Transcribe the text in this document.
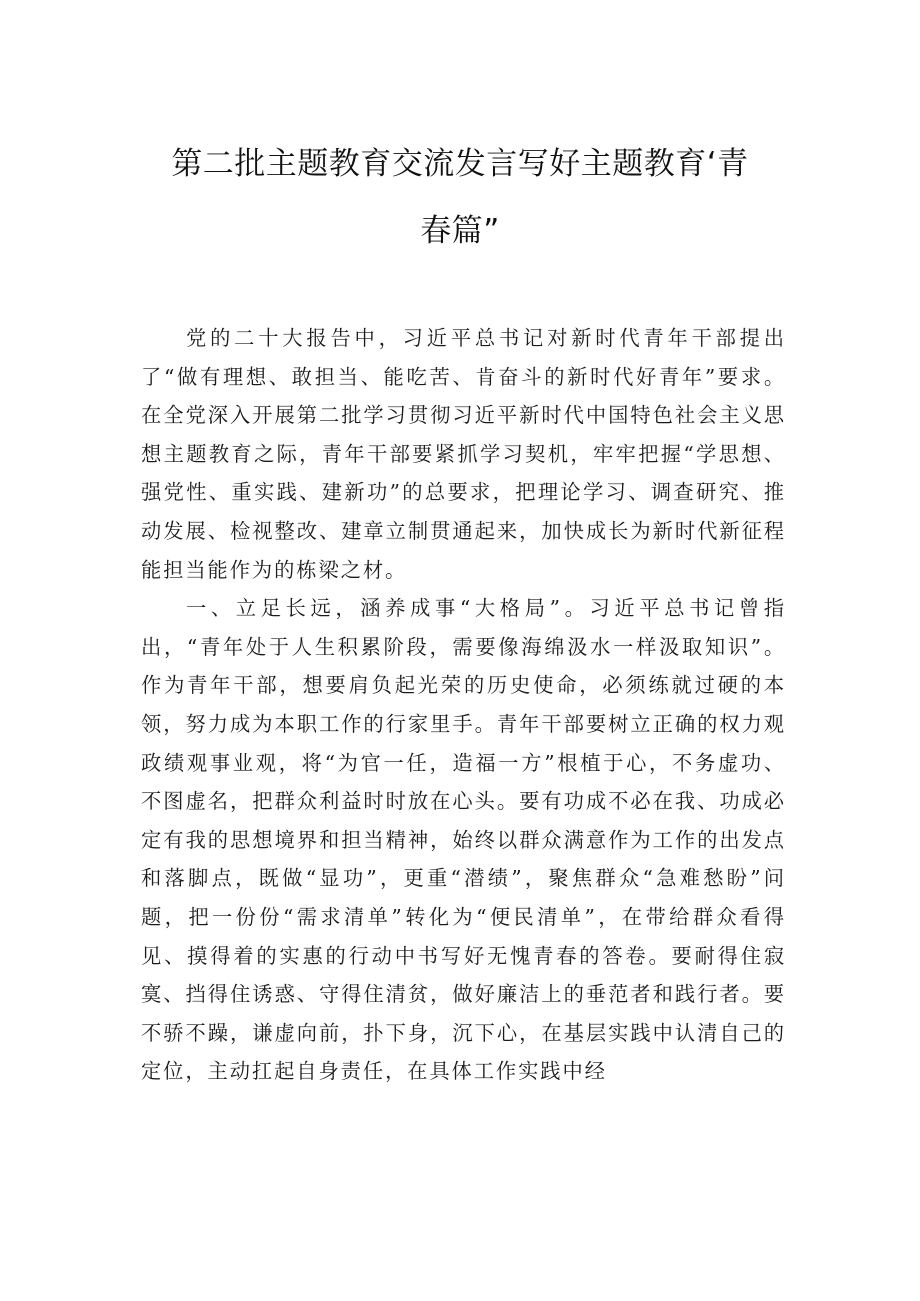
第二批主题教育交流发言写好主题教育‘青
春篇”

党的二十大报告中，习近平总书记对新时代青年干部提出了“做有理想、敢担当、能吃苦、肯奋斗的新时代好青年”要求。在全党深入开展第二批学习贯彻习近平新时代中国特色社会主义思想主题教育之际，青年干部要紧抓学习契机，牢牢把握“学思想、强党性、重实践、建新功”的总要求，把理论学习、调查研究、推动发展、检视整改、建章立制贯通起来，加快成长为新时代新征程能担当能作为的栋梁之材。

一、立足长远，涵养成事“大格局”。习近平总书记曾指出，“青年处于人生积累阶段，需要像海绵汲水一样汲取知识”。作为青年干部，想要肩负起光荣的历史使命，必须练就过硬的本领，努力成为本职工作的行家里手。青年干部要树立正确的权力观政绩观事业观，将“为官一任，造福一方”根植于心，不务虚功、不图虚名，把群众利益时时放在心头。要有功成不必在我、功成必定有我的思想境界和担当精神，始终以群众满意作为工作的出发点和落脚点，既做“显功”，更重“潜绩”，聚焦群众“急难愁盼”问题，把一份份“需求清单”转化为“便民清单”，在带给群众看得见、摸得着的实惠的行动中书写好无愧青春的答卷。要耐得住寂寞、挡得住诱惑、守得住清贫，做好廉洁上的垂范者和践行者。要不骄不躁，谦虚向前，扑下身，沉下心，在基层实践中认清自己的定位，主动扛起自身责任，在具体工作实践中经
